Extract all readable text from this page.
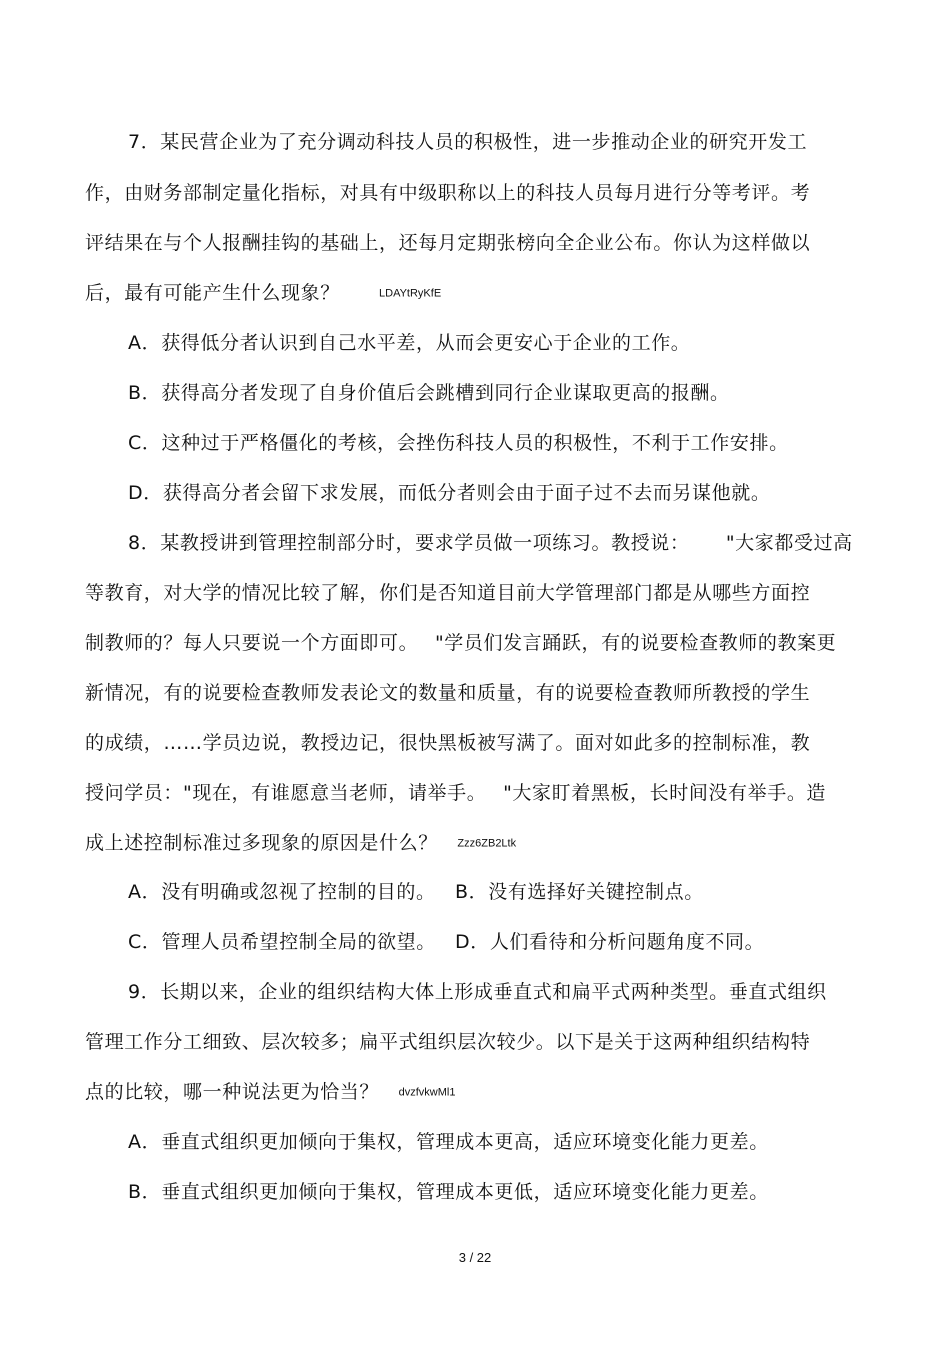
7．某民营企业为了充分调动科技人员的积极性，进一步推动企业的研究开发工
作，由财务部制定量化指标，对具有中级职称以上的科技人员每月进行分等考评。考
评结果在与个人报酬挂钩的基础上，还每月定期张榜向全企业公布。你认为这样做以
后，最有可能产生什么现象？　　	LDAYtRyKfE
A．获得低分者认识到自己水平差，从而会更安心于企业的工作。
B．获得高分者发现了自身价值后会跳槽到同行企业谋取更高的报酬。
C．这种过于严格僵化的考核，会挫伤科技人员的积极性，不利于工作安排。
D．获得高分者会留下求发展，而低分者则会由于面子过不去而另谋他就。
8．某教授讲到管理控制部分时，要求学员做一项练习。教授说：　　 "大家都受过高
等教育，对大学的情况比较了解，你们是否知道目前大学管理部门都是从哪些方面控
制教师的？每人只要说一个方面即可。　 "学员们发言踊跃，有的说要检查教师的教案更
新情况，有的说要检查教师发表论文的数量和质量，有的说要检查教师所教授的学生
的成绩，……学员边说，教授边记，很快黑板被写满了。面对如此多的控制标准，教
授问学员："现在，有谁愿意当老师，请举手。　 "大家盯着黑板，长时间没有举手。造
成上述控制标准过多现象的原因是什么？　 Zzz6ZB2Ltk
A．没有明确或忽视了控制的目的。 B．没有选择好关键控制点。
C．管理人员希望控制全局的欲望。 D．人们看待和分析问题角度不同。
9．长期以来，企业的组织结构大体上形成垂直式和扁平式两种类型。垂直式组织
管理工作分工细致、层次较多；扁平式组织层次较少。以下是关于这两种组织结构特
点的比较，哪一种说法更为恰当？　 dvzfvkwMl1
A．垂直式组织更加倾向于集权，管理成本更高，适应环境变化能力更差。
B．垂直式组织更加倾向于集权，管理成本更低，适应环境变化能力更差。
3 / 22
